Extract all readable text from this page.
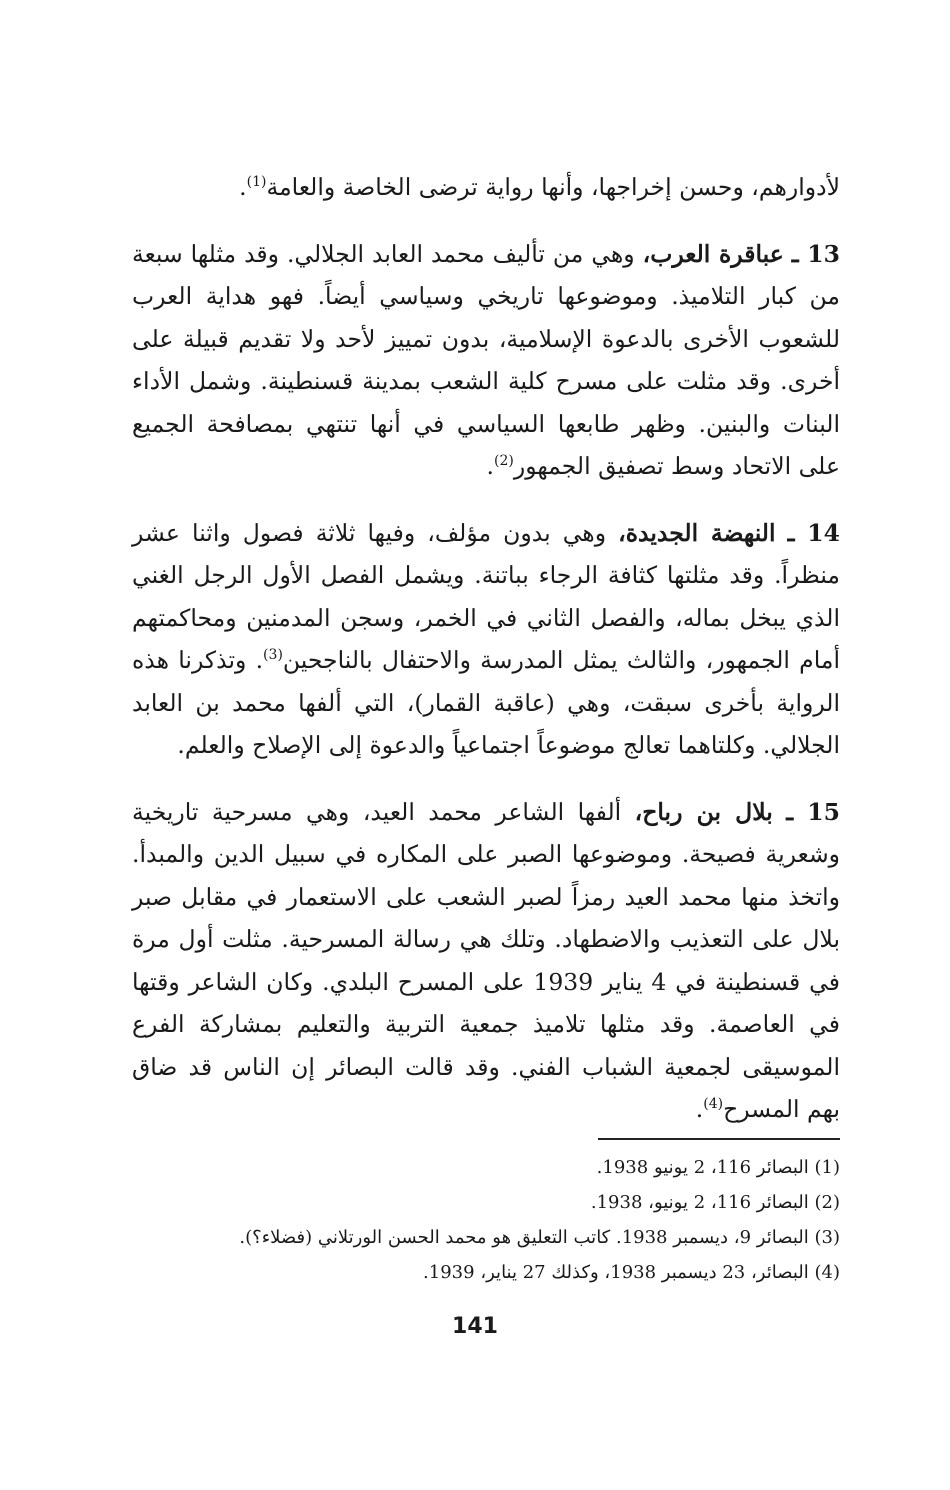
لأدوارهم، وحسن إخراجها، وأنها رواية ترضى الخاصة والعامة$^{(1)}$.

13 ـ عباقرة العرب، وهي من تأليف محمد العابد الجلالي. وقد مثلها سبعة من كبار التلاميذ. وموضوعها تاريخي وسياسي أيضاً. فهو هداية العرب للشعوب الأخرى بالدعوة الإسلامية، بدون تمييز لأحد ولا تقديم قبيلة على أخرى. وقد مثلت على مسرح كلية الشعب بمدينة قسنطينة. وشمل الأداء البنات والبنين. وظهر طابعها السياسي في أنها تنتهي بمصافحة الجميع على الاتحاد وسط تصفيق الجمهور$^{(2)}$.

14 ـ النهضة الجديدة، وهي بدون مؤلف، وفيها ثلاثة فصول واثنا عشر منظراً. وقد مثلتها كثافة الرجاء بباتنة. ويشمل الفصل الأول الرجل الغني الذي يبخل بماله، والفصل الثاني في الخمر، وسجن المدمنين ومحاكمتهم أمام الجمهور، والثالث يمثل المدرسة والاحتفال بالناجحين$^{(3)}$. وتذكرنا هذه الرواية بأخرى سبقت، وهي (عاقبة القمار)، التي ألفها محمد بن العابد الجلالي. وكلتاهما تعالج موضوعاً اجتماعياً والدعوة إلى الإصلاح والعلم.

15 ـ بلال بن رباح، ألفها الشاعر محمد العيد، وهي مسرحية تاريخية وشعرية فصيحة. وموضوعها الصبر على المكاره في سبيل الدين والمبدأ. واتخذ منها محمد العيد رمزاً لصبر الشعب على الاستعمار في مقابل صبر بلال على التعذيب والاضطهاد. وتلك هي رسالة المسرحية. مثلت أول مرة في قسنطينة في 4 يناير 1939 على المسرح البلدي. وكان الشاعر وقتها في العاصمة. وقد مثلها تلاميذ جمعية التربية والتعليم بمشاركة الفرع الموسيقى لجمعية الشباب الفني. وقد قالت البصائر إن الناس قد ضاق بهم المسرح$^{(4)}$.

(1) البصائر 116، 2 يونيو 1938.
(2) البصائر 116، 2 يونيو، 1938.
(3) البصائر 9، ديسمبر 1938. كاتب التعليق هو محمد الحسن الورتلاني (فضلاء؟).
(4) البصائر، 23 ديسمبر 1938، وكذلك 27 يناير، 1939.
141
